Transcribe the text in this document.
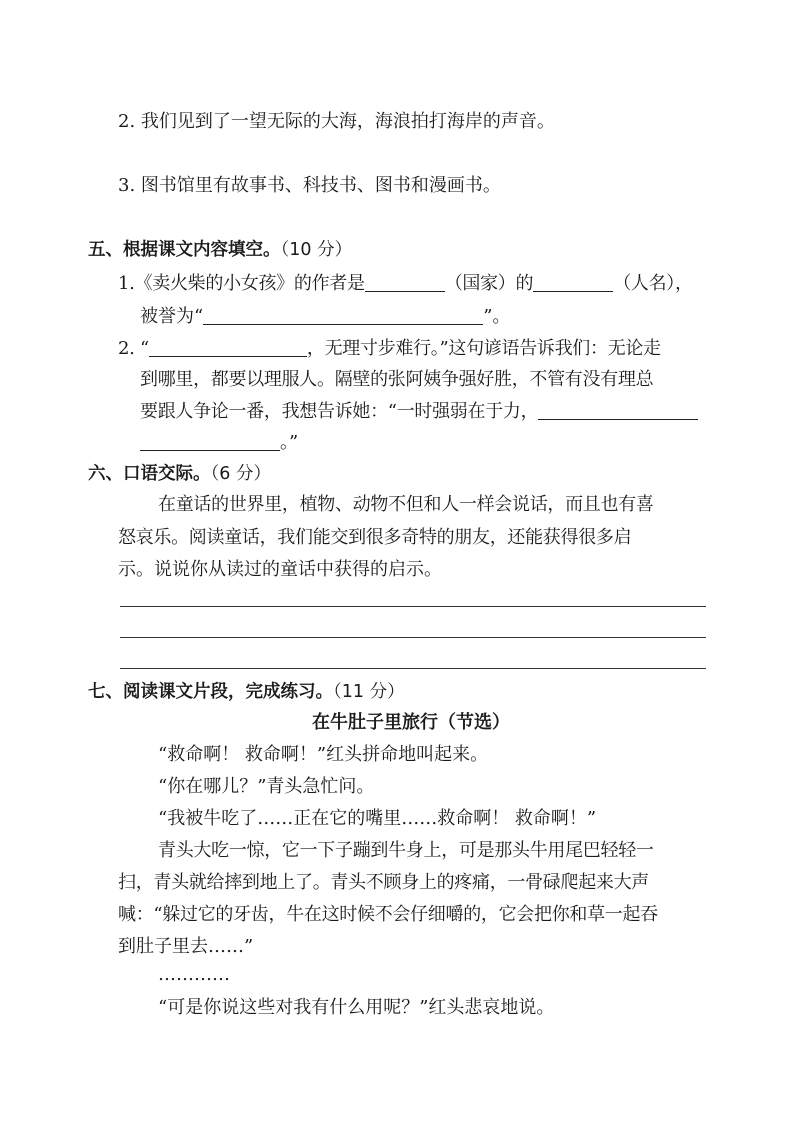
2. 我们见到了一望无际的大海，海浪拍打海岸的声音。
3. 图书馆里有故事书、科技书、图书和漫画书。
五、根据课文内容填空。（10 分）
1.《卖火柴的小女孩》的作者是	（国家）的	（人名），
被誉为“	”。
2. “	，无理寸步难行。”这句谚语告诉我们：无论走
到哪里，都要以理服人。隔壁的张阿姨争强好胜，不管有没有理总
要跟人争论一番，我想告诉她：“一时强弱在于力，
。”
六、口语交际。（6 分）
在童话的世界里，植物、动物不但和人一样会说话，而且也有喜
怒哀乐。阅读童话，我们能交到很多奇特的朋友，还能获得很多启
示。说说你从读过的童话中获得的启示。
七、阅读课文片段，完成练习。（11 分）
在牛肚子里旅行（节选）
“救命啊！ 救命啊！”红头拼命地叫起来。
“你在哪儿？”青头急忙问。
“我被牛吃了……正在它的嘴里……救命啊！ 救命啊！”
青头大吃一惊，它一下子蹦到牛身上，可是那头牛用尾巴轻轻一
扫，青头就给摔到地上了。青头不顾身上的疼痛，一骨碌爬起来大声
喊：“躲过它的牙齿，牛在这时候不会仔细嚼的，它会把你和草一起吞
到肚子里去……”
…………
“可是你说这些对我有什么用呢？”红头悲哀地说。
